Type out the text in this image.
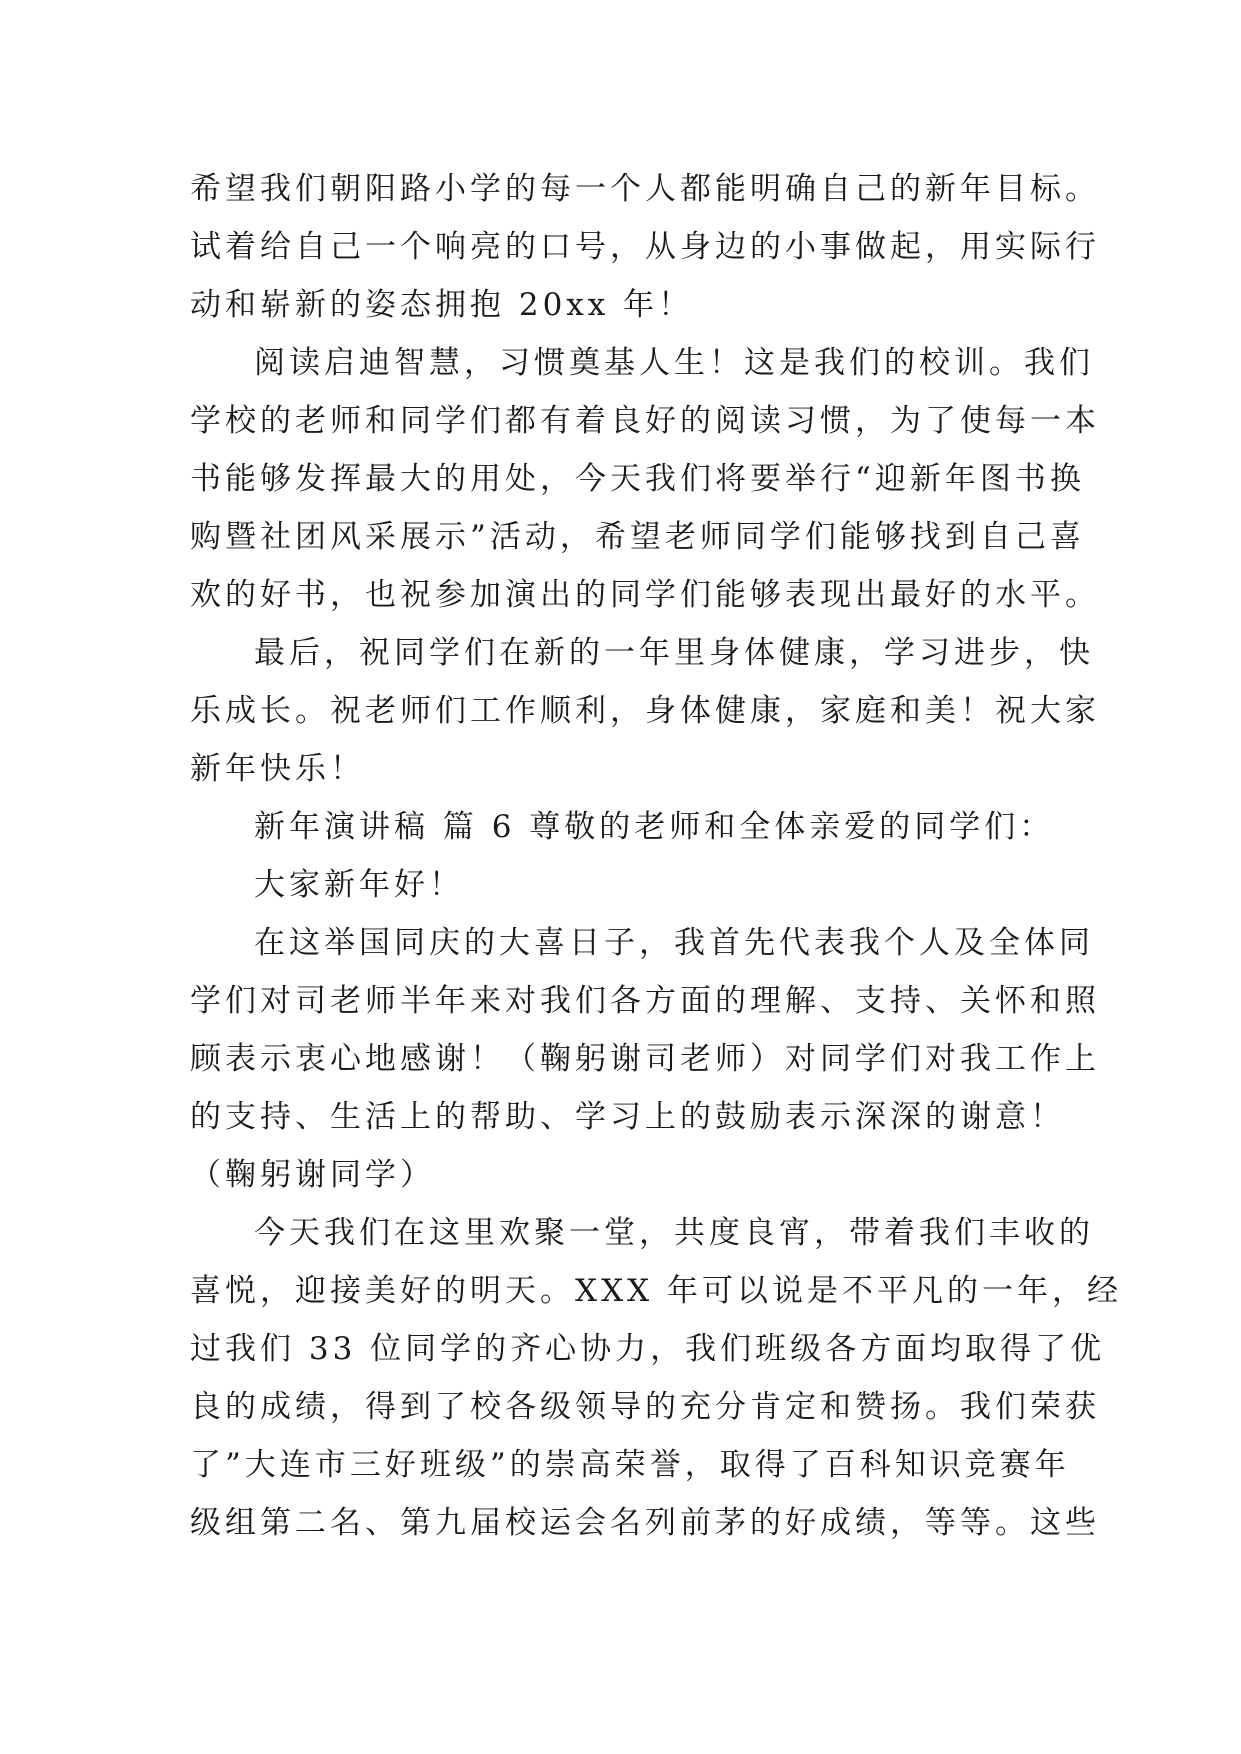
希望我们朝阳路小学的每一个人都能明确自己的新年目标。
试着给自己一个响亮的口号，从身边的小事做起，用实际行
动和崭新的姿态拥抱 20xx 年！
阅读启迪智慧，习惯奠基人生！这是我们的校训。我们
学校的老师和同学们都有着良好的阅读习惯，为了使每一本
书能够发挥最大的用处，今天我们将要举行“迎新年图书换
购暨社团风采展示”活动，希望老师同学们能够找到自己喜
欢的好书，也祝参加演出的同学们能够表现出最好的水平。
最后，祝同学们在新的一年里身体健康，学习进步，快
乐成长。祝老师们工作顺利，身体健康，家庭和美！祝大家
新年快乐！
新年演讲稿 篇 6 尊敬的老师和全体亲爱的同学们：
大家新年好！
在这举国同庆的大喜日子，我首先代表我个人及全体同
学们对司老师半年来对我们各方面的理解、支持、关怀和照
顾表示衷心地感谢！（鞠躬谢司老师）对同学们对我工作上
的支持、生活上的帮助、学习上的鼓励表示深深的谢意！
（鞠躬谢同学）
今天我们在这里欢聚一堂，共度良宵，带着我们丰收的
喜悦，迎接美好的明天。XXX 年可以说是不平凡的一年，经
过我们 33 位同学的齐心协力，我们班级各方面均取得了优
良的成绩，得到了校各级领导的充分肯定和赞扬。我们荣获
了”大连市三好班级”的崇高荣誉，取得了百科知识竞赛年
级组第二名、第九届校运会名列前茅的好成绩，等等。这些
